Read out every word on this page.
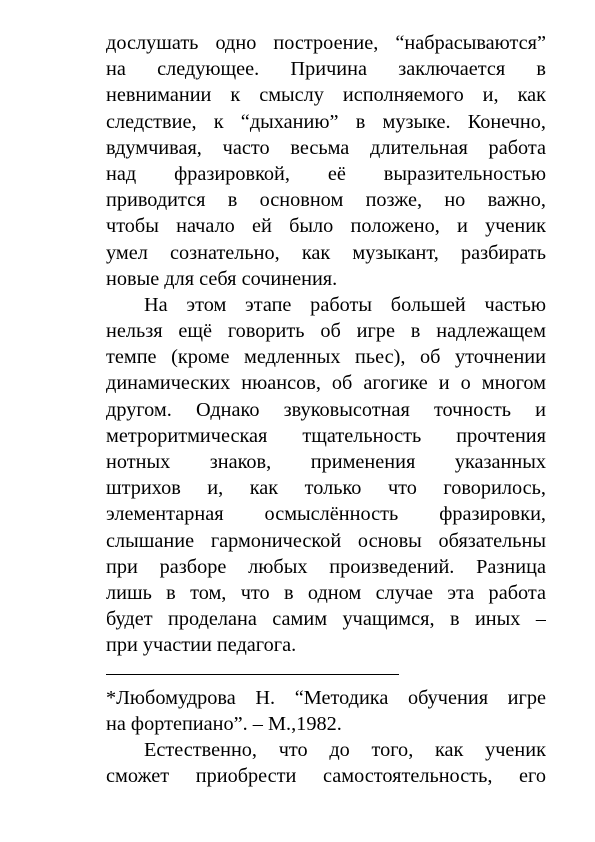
дослушать одно построение, “набрасываются”
на следующее. Причина заключается в
невнимании к смыслу исполняемого и, как
следствие, к “дыханию” в музыке. Конечно,
вдумчивая, часто весьма длительная работа
над фразировкой, её выразительностью
приводится в основном позже, но важно,
чтобы начало ей было положено, и ученик
умел сознательно, как музыкант, разбирать
новые для себя сочинения.
На этом этапе работы большей частью
нельзя ещё говорить об игре в надлежащем
темпе (кроме медленных пьес), об уточнении
динамических нюансов, об агогике и о многом
другом. Однако звуковысотная точность и
метроритмическая тщательность прочтения
нотных знаков, применения указанных
штрихов и, как только что говорилось,
элементарная осмыслённость фразировки,
слышание гармонической основы обязательны
при разборе любых произведений. Разница
лишь в том, что в одном случае эта работа
будет проделана самим учащимся, в иных –
при участии педагога.
*Любомудрова Н. “Методика обучения игре
на фортепиано”. – М.,1982.
Естественно, что до того, как ученик
сможет приобрести самостоятельность, его
